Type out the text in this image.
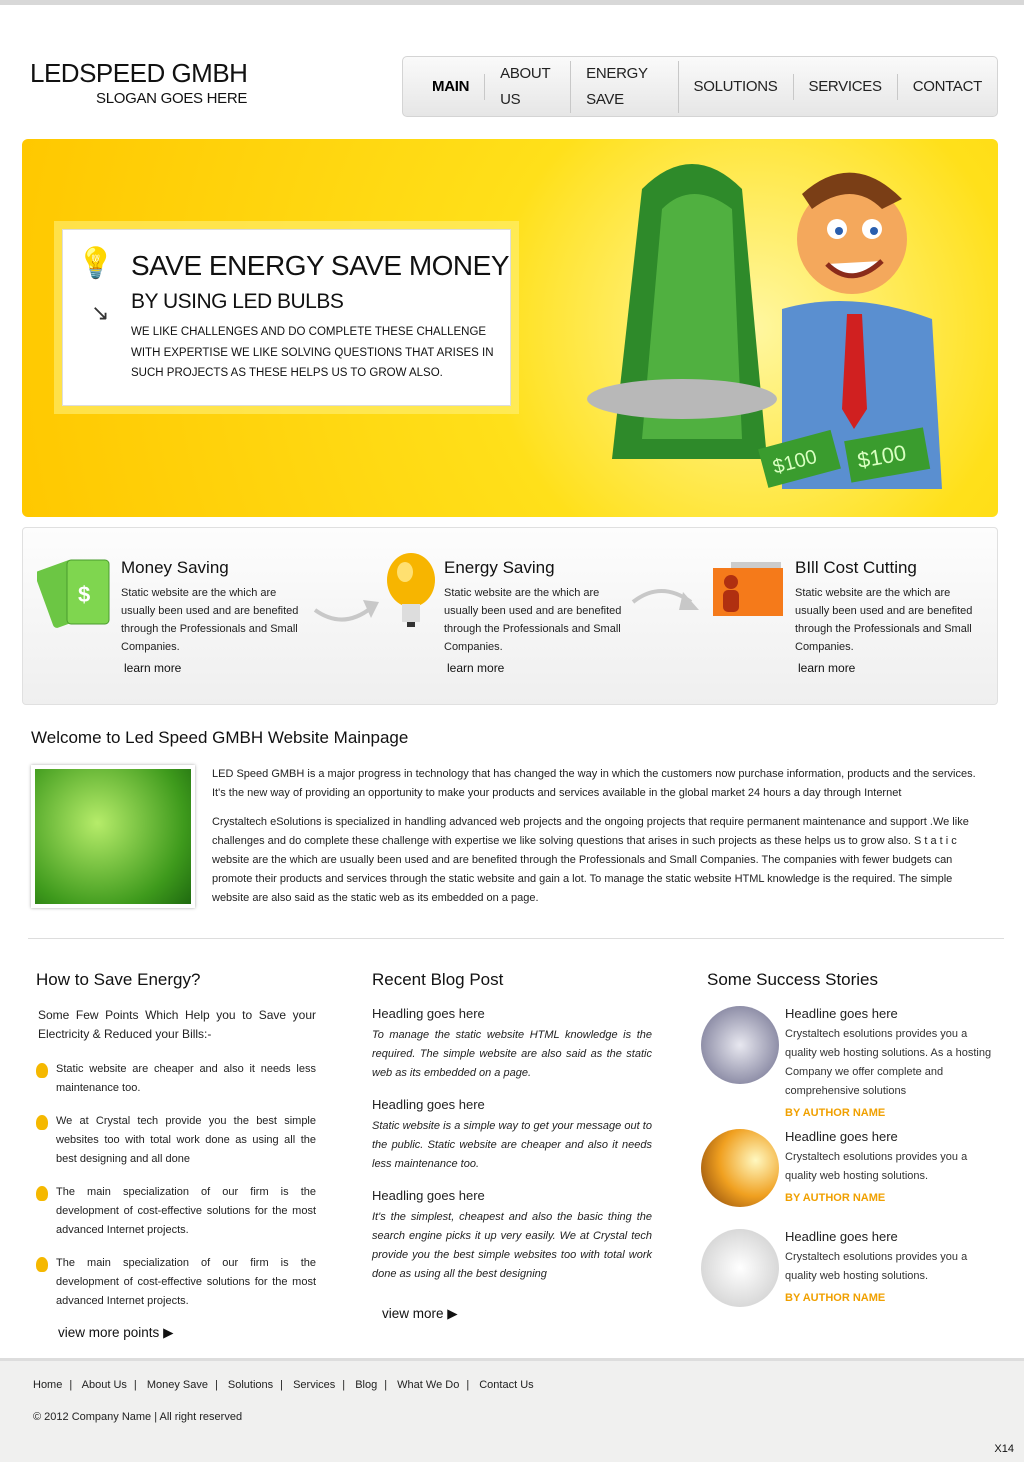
LEDSPEED GMBH
SLOGAN GOES HERE
MAIN
ABOUT US
ENERGY SAVE
SOLUTIONS	SERVICES	CONTACT
💡
↘
SAVE ENERGY SAVE MONEY
BY USING LED BULBS
WE LIKE CHALLENGES AND DO COMPLETE THESE CHALLENGE WITH EXPERTISE WE LIKE SOLVING QUESTIONS THAT ARISES IN SUCH PROJECTS AS THESE HELPS US TO GROW ALSO.
$100 $100
$
Money Saving

Static website are the which are usually been used and are benefited through the Professionals and Small Companies.

learn more
Energy Saving

Static website are the which are usually been used and are benefited through the Professionals and Small Companies.

learn more
BIll Cost Cutting

Static website are the which are usually been used and are benefited through the Professionals and Small Companies.

learn more
Welcome to Led Speed GMBH Website Mainpage

LED Speed GMBH is a major progress in technology that has changed the way in which the customers now purchase information, products and the services. It's the new way of providing an opportunity to make your products and services available in the global market 24 hours a day through Internet

Crystaltech eSolutions is specialized in handling advanced web projects and the ongoing projects that require permanent maintenance and support .We like challenges and do complete these challenge with expertise we like solving questions that arises in such projects as these helps us to grow also. S t a t i c website are the which are usually been used and are benefited through the Professionals and Small Companies. The companies with fewer budgets can promote their products and services through the static website and gain a lot. To manage the static website HTML knowledge is the required. The simple website are also said as the static web as its embedded on a page.

How to Save Energy?
Some Few Points Which Help you to Save your Electricity & Reduced your Bills:-
Static website are cheaper and also it needs less maintenance too.
We at Crystal tech provide you the best simple websites too with total work done as using all the best designing and all done
The main specialization of our firm is the development of cost-effective solutions for the most advanced Internet projects.
The main specialization of our firm is the development of cost-effective solutions for the most advanced Internet projects.
view more points ▶
Recent Blog Post
Headling goes here

To manage the static website HTML knowledge is the required. The simple website are also said as the static web as its embedded on a page.

Headling goes here

Static website is a simple way to get your message out to the public. Static website are cheaper and also it needs less maintenance too.

Headling goes here

It's the simplest, cheapest and also the basic thing the search engine picks it up very easily. We at Crystal tech provide you the best simple websites too with total work done as using all the best designing

view more ▶
Some Success Stories
Headline goes here

Crystaltech esolutions provides you a quality web hosting solutions. As a hosting Company we offer complete and comprehensive solutions

BY AUTHOR NAME
Headline goes here

Crystaltech esolutions provides you a quality web hosting solutions.

BY AUTHOR NAME
Headline goes here

Crystaltech esolutions provides you a quality web hosting solutions.

BY AUTHOR NAME
Home | About Us | Money Save | Solutions | Services | Blog | What We Do | Contact Us
© 2012 Company Name | All right reserved
X14
